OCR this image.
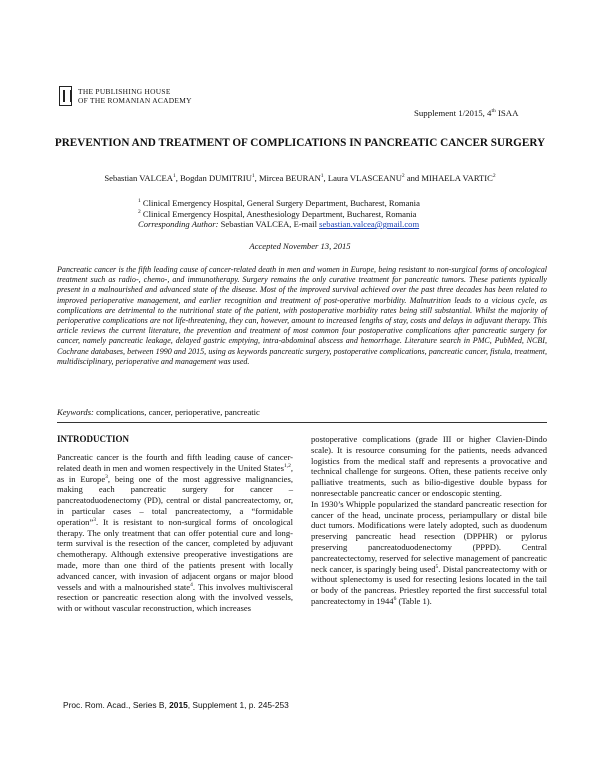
THE PUBLISHING HOUSE
OF THE ROMANIAN ACADEMY
Supplement 1/2015, 4th ISAA
PREVENTION AND TREATMENT OF COMPLICATIONS IN PANCREATIC CANCER SURGERY
Sebastian VALCEA$^1$, Bogdan DUMITRIU$^1$, Mircea BEURAN$^1$, Laura VLASCEANU$^2$ and MIHAELA VARTIC$^2$
$^1$ Clinical Emergency Hospital, General Surgery Department, Bucharest, Romania
$^2$ Clinical Emergency Hospital, Anesthesiology Department, Bucharest, Romania
Corresponding Author: Sebastian VALCEA, E-mail sebastian.valcea@gmail.com
Accepted November 13, 2015
Pancreatic cancer is the fifth leading cause of cancer-related death in men and women in Europe, being resistant to non-surgical forms of oncological treatment such as radio-, chemo-, and immunotherapy. Surgery remains the only curative treatment for pancreatic tumors. These patients typically present in a malnourished and advanced state of the disease. Most of the improved survival achieved over the past three decades has been related to improved perioperative management, and earlier recognition and treatment of post-operative morbidity. Malnutrition leads to a vicious cycle, as complications are detrimental to the nutritional state of the patient, with postoperative morbidity rates being still substantial. Whilst the majority of perioperative complications are not life-threatening, they can, however, amount to increased lengths of stay, costs and delays in adjuvant therapy. This article reviews the current literature, the prevention and treatment of most common four postoperative complications after pancreatic surgery for cancer, namely pancreatic leakage, delayed gastric emptying, intra-abdominal abscess and hemorrhage. Literature search in PMC, PubMed, NCBI, Cochrane databases, between 1990 and 2015, using as keywords pancreatic surgery, postoperative complications, pancreatic cancer, fistula, treatment, multidisciplinary, perioperative and management was used.
Keywords: complications, cancer, perioperative, pancreatic
INTRODUCTION

Pancreatic cancer is the fourth and fifth leading cause of cancer-related death in men and women respectively in the United States$^{1,2}$, as in Europe$^3$, being one of the most aggressive malignancies, making each pancreatic surgery for cancer – pancreatoduodenectomy (PD), central or distal pancreatectomy, or, in particular cases – total pancreatectomy, a “formidable operation”$^3$. It is resistant to non-surgical forms of oncological therapy. The only treatment that can offer potential cure and long-term survival is the resection of the cancer, completed by adjuvant chemotherapy. Although extensive preoperative investigations are made, more than one third of the patients present with locally advanced cancer, with invasion of adjacent organs or major blood vessels and with a malnourished state$^4$. This involves multivisceral resection or pancreatic resection along with the involved vessels, with or without vascular reconstruction, which increases

postoperative complications (grade III or higher Clavien-Dindo scale). It is resource consuming for the patients, needs advanced logistics from the medical staff and represents a provocative and technical challenge for surgeons. Often, these patients receive only palliative treatments, such as bilio-digestive double bypass for nonresectable pancreatic cancer or endoscopic stenting.

In 1930’s Whipple popularized the standard pancreatic resection for cancer of the head, uncinate process, periampullary or distal bile duct tumors. Modifications were lately adopted, such as duodenum preserving pancreatic head resection (DPPHR) or pylorus preserving pancreatoduodenectomy (PPPD). Central pancreatectectomy, reserved for selective management of pancreatic neck cancer, is sparingly being used$^5$. Distal pancreatectomy with or without splenectomy is used for resecting lesions located in the tail or body of the pancreas. Priestley reported the first successful total pancreatectomy in 1944$^6$ (Table 1).

Proc. Rom. Acad., Series B, 2015, Supplement 1, p. 245-253
